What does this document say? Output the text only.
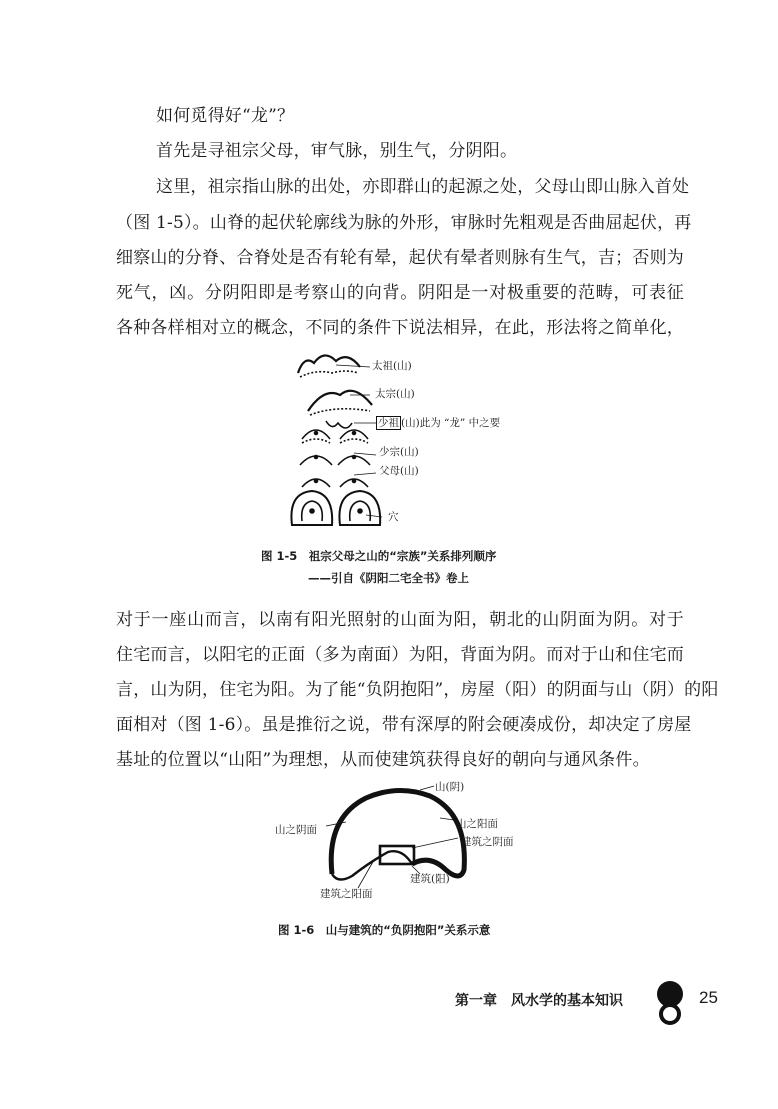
如何觅得好“龙”？
首先是寻祖宗父母，审气脉，别生气，分阴阳。
这里，祖宗指山脉的出处，亦即群山的起源之处，父母山即山脉入首处
（图 1-5）。山脊的起伏轮廓线为脉的外形，审脉时先粗观是否曲屈起伏，再
细察山的分脊、合脊处是否有轮有晕，起伏有晕者则脉有生气，吉；否则为
死气，凶。分阴阳即是考察山的向背。阴阳是一对极重要的范畴，可表征
各种各样相对立的概念，不同的条件下说法相异，在此，形法将之简单化，
太祖(山)
太宗(山)
少祖 (山)此为 “龙” 中之要
少宗(山)
父母(山)
穴
图 1-5　祖宗父母之山的“宗族”关系排列顺序
——引自《阴阳二宅全书》卷上
对于一座山而言，以南有阳光照射的山面为阳，朝北的山阴面为阴。对于
住宅而言，以阳宅的正面（多为南面）为阳，背面为阴。而对于山和住宅而
言，山为阴，住宅为阳。为了能“负阴抱阳”，房屋（阳）的阴面与山（阴）的阳
面相对（图 1-6）。虽是推衍之说，带有深厚的附会硬凑成份，却决定了房屋
基址的位置以“山阳”为理想，从而使建筑获得良好的朝向与通风条件。
山(阴)
山之阴面	山之阳面
建筑之阴面
建筑(阳)
建筑之阳面
图 1-6　山与建筑的“负阴抱阳”关系示意
第一章　风水学的基本知识	25
